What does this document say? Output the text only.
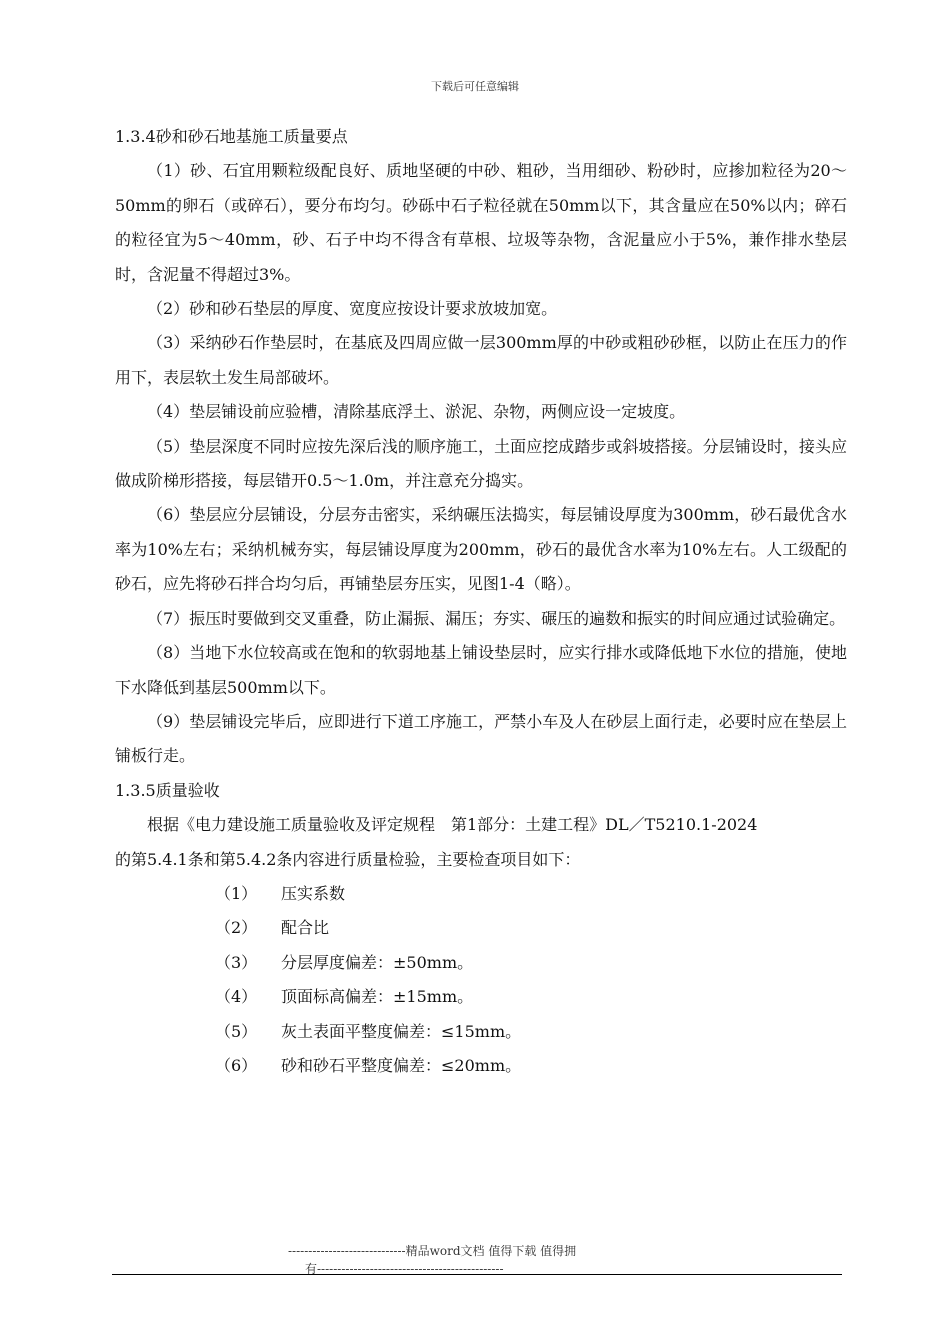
下载后可任意编辑

1.3.4砂和砂石地基施工质量要点

（1）砂、石宜用颗粒级配良好、质地坚硬的中砂、粗砂，当用细砂、粉砂时，应掺加粒径为20～50mm的卵石（或碎石），要分布均匀。砂砾中石子粒径就在50mm以下，其含量应在50%以内；碎石的粒径宜为5～40mm，砂、石子中均不得含有草根、垃圾等杂物，含泥量应小于5%，兼作排水垫层时，含泥量不得超过3%。

（2）砂和砂石垫层的厚度、宽度应按设计要求放坡加宽。

（3）采纳砂石作垫层时，在基底及四周应做一层300mm厚的中砂或粗砂砂框，以防止在压力的作用下，表层软土发生局部破坏。

（4）垫层铺设前应验槽，清除基底浮土、淤泥、杂物，两侧应设一定坡度。

（5）垫层深度不同时应按先深后浅的顺序施工，土面应挖成踏步或斜坡搭接。分层铺设时，接头应做成阶梯形搭接，每层错开0.5～1.0m，并注意充分捣实。

（6）垫层应分层铺设，分层夯击密实，采纳碾压法捣实，每层铺设厚度为300mm，砂石最优含水率为10%左右；采纳机械夯实，每层铺设厚度为200mm，砂石的最优含水率为10%左右。人工级配的砂石，应先将砂石拌合均匀后，再铺垫层夯压实，见图1-4（略）。

（7）振压时要做到交叉重叠，防止漏振、漏压；夯实、碾压的遍数和振实的时间应通过试验确定。

（8）当地下水位较高或在饱和的软弱地基上铺设垫层时，应实行排水或降低地下水位的措施，使地下水降低到基层500mm以下。

（9）垫层铺设完毕后，应即进行下道工序施工，严禁小车及人在砂层上面行走，必要时应在垫层上铺板行走。

1.3.5质量验收

根据《电力建设施工质量验收及评定规程　第1部分：土建工程》DL／T5210.1-2024

的第5.4.1条和第5.4.2条内容进行质量检验，主要检查项目如下：

（1）	压实系数
（2）	配合比
（3）	分层厚度偏差：±50mm。
（4）	顶面标高偏差：±15mm。
（5）	灰土表面平整度偏差：≤15mm。
（6）	砂和砂石平整度偏差：≤20mm。
-----------------------------精品word文档 值得下载 值得拥
有----------------------------------------------
